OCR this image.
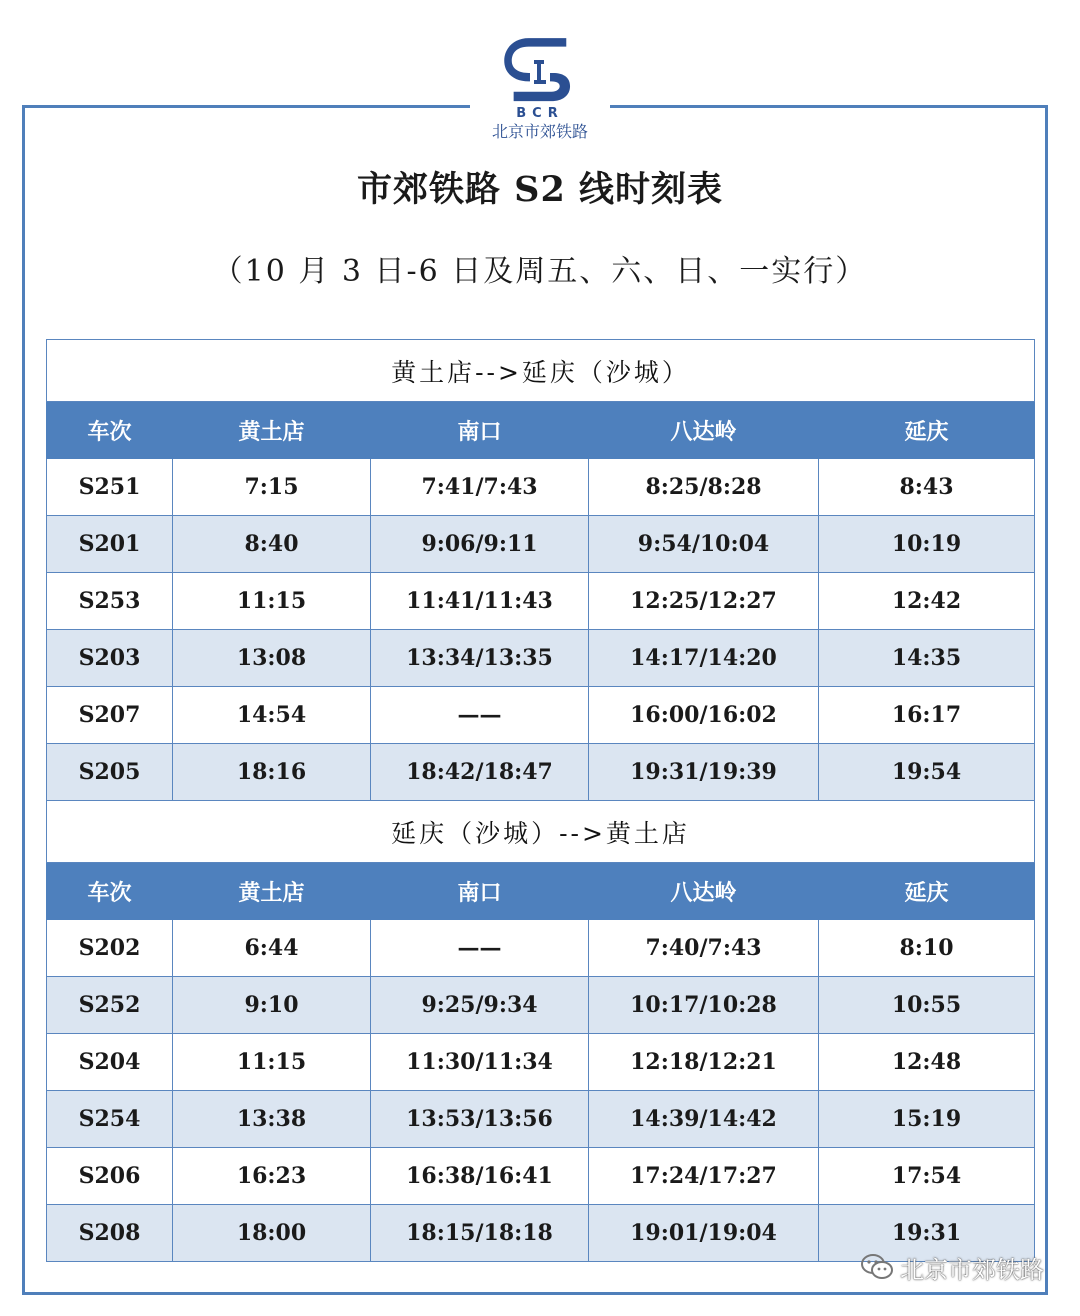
BCR
北京市郊铁路
市郊铁路 S2 线时刻表
（10 月 3 日-6 日及周五、六、日、一实行）
黄土店-->延庆（沙城）				
车次	黄土店	南口	八达岭	延庆
S251	7:15	7:41/7:43	8:25/8:28	8:43
S201	8:40	9:06/9:11	9:54/10:04	10:19
S253	11:15	11:41/11:43	12:25/12:27	12:42
S203	13:08	13:34/13:35	14:17/14:20	14:35
S207	14:54	——	16:00/16:02	16:17
S205	18:16	18:42/18:47	19:31/19:39	19:54
延庆（沙城）-->黄土店				
车次	黄土店	南口	八达岭	延庆
S202	6:44	——	7:40/7:43	8:10
S252	9:10	9:25/9:34	10:17/10:28	10:55
S204	11:15	11:30/11:34	12:18/12:21	12:48
S254	13:38	13:53/13:56	14:39/14:42	15:19
S206	16:23	16:38/16:41	17:24/17:27	17:54
S208	18:00	18:15/18:18	19:01/19:04	19:31
北京市郊铁路
